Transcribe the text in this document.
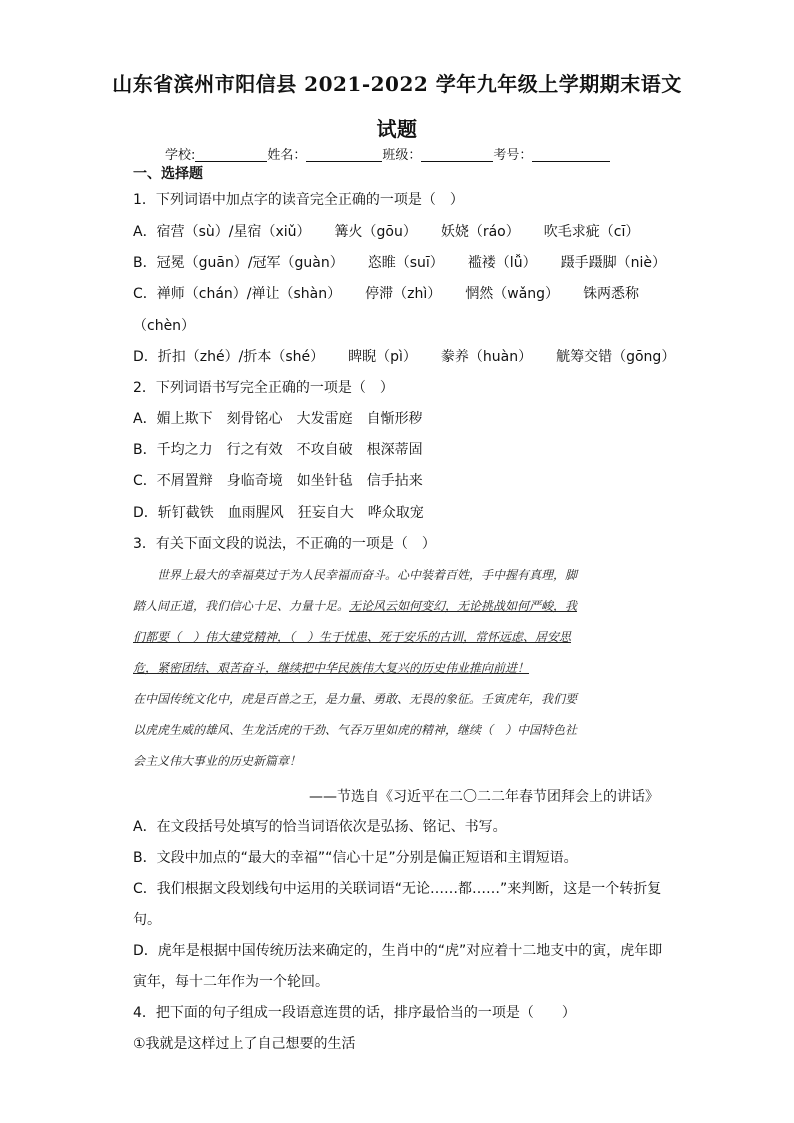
山东省滨州市阳信县 2021-2022 学年九年级上学期期末语文
试题
学校:	姓名：	班级：	考号：
一、选择题
1．下列词语中加点字的读音完全正确的一项是（　）
A．宿营（sù）/星宿（xiǔ） 篝火（gōu） 妖娆（ráo） 吹毛求疵（cī）
B．冠冕（guān）/冠军（guàn） 恣睢（suī） 褴褛（lǚ） 蹑手蹑脚（niè）
C．禅师（chán）/禅让（shàn） 停滞（zhì） 惘然（wǎng） 铢两悉称
（chèn）
D．折扣（zhé）/折本（shé） 睥睨（pì） 豢养（huàn） 觥筹交错（gōng）
2．下列词语书写完全正确的一项是（　）
A．媚上欺下 刻骨铭心 大发雷庭 自惭形秽
B．千均之力 行之有效 不攻自破 根深蒂固
C．不屑置辩 身临奇境 如坐针毡 信手拈来
D．斩钉截铁 血雨腥风 狂妄自大 哗众取宠
3．有关下面文段的说法，不正确的一项是（　）

世界上最大的幸福莫过于为人民幸福而奋斗。心中装着百姓，手中握有真理，脚

踏人间正道，我们信心十足、力量十足。无论风云如何变幻，无论挑战如何严峻，我

们都要（　）伟大建党精神，（　）生于忧患、死于安乐的古训，常怀远虑、居安思

危，紧密团结、艰苦奋斗，继续把中华民族伟大复兴的历史伟业推向前进！

在中国传统文化中，虎是百兽之王，是力量、勇敢、无畏的象征。壬寅虎年，我们要

以虎虎生威的雄风、生龙活虎的干劲、气吞万里如虎的精神，继续（　）中国特色社

会主义伟大事业的历史新篇章！

——节选自《习近平在二〇二二年春节团拜会上的讲话》
A．在文段括号处填写的恰当词语依次是弘扬、铭记、书写。
B．文段中加点的“最大的幸福”“信心十足”分别是偏正短语和主谓短语。
C．我们根据文段划线句中运用的关联词语“无论……都……”来判断，这是一个转折复
句。
D．虎年是根据中国传统历法来确定的，生肖中的“虎”对应着十二地支中的寅，虎年即
寅年，每十二年作为一个轮回。
4．把下面的句子组成一段语意连贯的话，排序最恰当的一项是（　　）
①我就是这样过上了自己想要的生活
